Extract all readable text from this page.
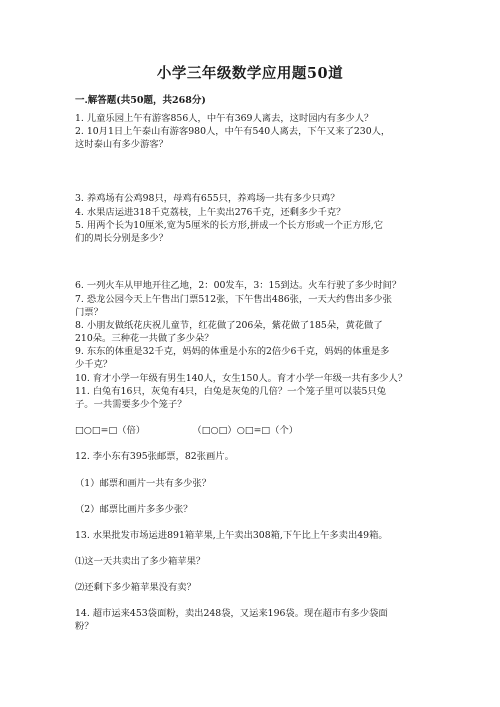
小学三年级数学应用题50道
一.解答题(共50题，共268分)
1. 儿童乐园上午有游客856人，中午有369人离去，这时园内有多少人？
2. 10月1日上午泰山有游客980人，中午有540人离去，下午又来了230人，
这时泰山有多少游客？
3. 养鸡场有公鸡98只，母鸡有655只，养鸡场一共有多少只鸡？
4. 水果店运进318千克荔枝，上午卖出276千克，还剩多少千克？
5. 用两个长为10厘米,宽为5厘米的长方形,拼成一个长方形或一个正方形,它
们的周长分别是多少？
6. 一列火车从甲地开往乙地，2：00发车，3：15到达。火车行驶了多少时间？
7. 恐龙公园今天上午售出门票512张，下午售出486张，一天大约售出多少张
门票？
8. 小朋友做纸花庆祝儿童节，红花做了206朵，紫花做了185朵，黄花做了
210朵。三种花一共做了多少朵？
9. 东东的体重是32千克，妈妈的体重是小东的2倍少6千克，妈妈的体重是多
少千克？
10. 育才小学一年级有男生140人，女生150人。育才小学一年级一共有多少人？
11. 白兔有16只，灰兔有4只，白兔是灰兔的几倍？一个笼子里可以装5只兔
子。一共需要多少个笼子？
□○□=□（倍）                （□○□）○□=□（个）
12. 李小东有395张邮票，82张画片。
（1）邮票和画片一共有多少张？
（2）邮票比画片多多少张？
13. 水果批发市场运进891箱苹果,上午卖出308箱,下午比上午多卖出49箱。
⑴这一天共卖出了多少箱苹果？
⑵还剩下多少箱苹果没有卖？
14. 超市运来453袋面粉，卖出248袋，又运来196袋。现在超市有多少袋面
粉？
